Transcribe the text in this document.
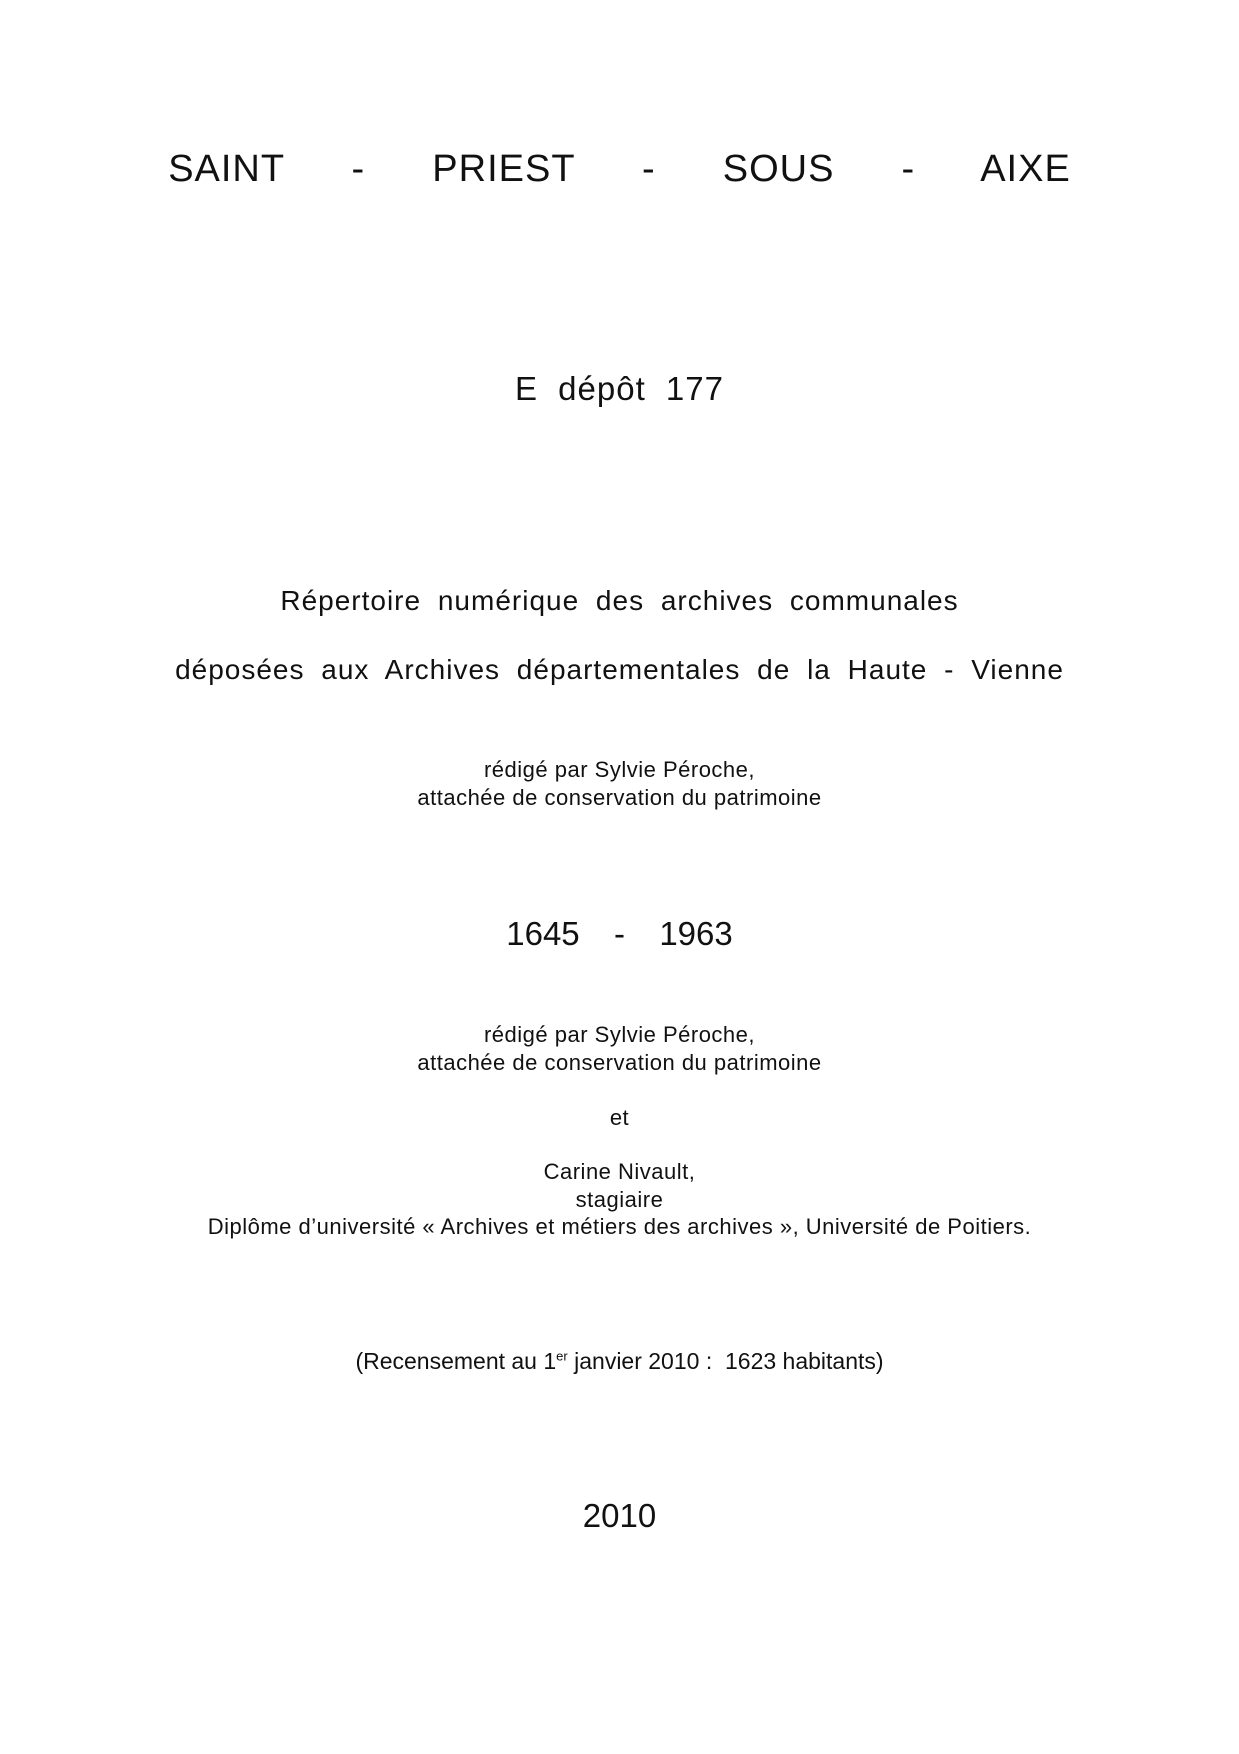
SAINT  -  PRIEST  -  SOUS  -  AIXE
E dépôt 177
Répertoire numérique des archives communales
déposées aux Archives départementales de la Haute - Vienne
rédigé par Sylvie Péroche,
attachée de conservation du patrimoine
1645  -  1963
rédigé par Sylvie Péroche,
attachée de conservation du patrimoine
et
Carine Nivault,
stagiaire
Diplôme d’université « Archives et métiers des archives », Université de Poitiers.
(Recensement au 1er janvier 2010 :  1623 habitants)
2010
